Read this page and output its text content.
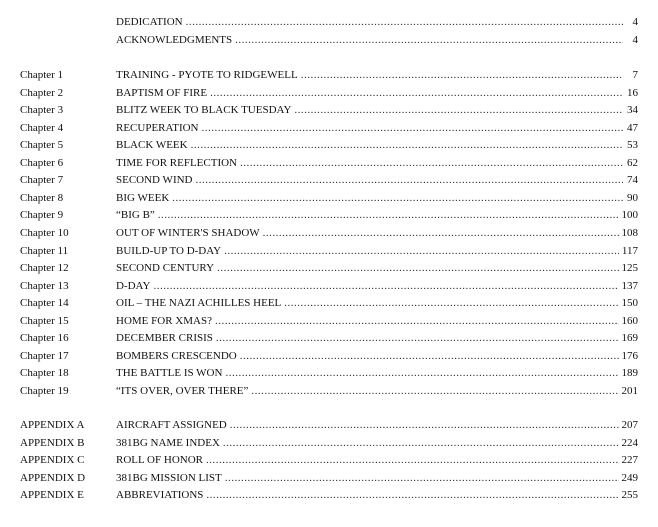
DEDICATION .....	4
ACKNOWLEDGMENTS .....	4
Chapter 1	TRAINING - PYOTE TO RIDGEWELL .....	7
Chapter 2	BAPTISM OF FIRE .....	16
Chapter 3	BLITZ WEEK TO BLACK TUESDAY .....	34
Chapter 4	RECUPERATION .....	47
Chapter 5	BLACK WEEK .....	53
Chapter 6	TIME FOR REFLECTION .....	62
Chapter 7	SECOND WIND .....	74
Chapter 8	BIG WEEK .....	90
Chapter 9	“BIG B” .....	100
Chapter 10	OUT OF WINTER'S SHADOW .....	108
Chapter 11	BUILD-UP TO D-DAY .....	117
Chapter 12	SECOND CENTURY .....	125
Chapter 13	D-DAY .....	137
Chapter 14	OIL – THE NAZI ACHILLES HEEL .....	150
Chapter 15	HOME FOR XMAS? .....	160
Chapter 16	DECEMBER CRISIS .....	169
Chapter 17	BOMBERS CRESCENDO .....	176
Chapter 18	THE BATTLE IS WON .....	189
Chapter 19	“ITS OVER, OVER THERE” .....	201
APPENDIX A	AIRCRAFT ASSIGNED .....	207
APPENDIX B	381BG NAME INDEX .....	224
APPENDIX C	ROLL OF HONOR .....	227
APPENDIX D	381BG MISSION LIST .....	249
APPENDIX E	ABBREVIATIONS .....	255
